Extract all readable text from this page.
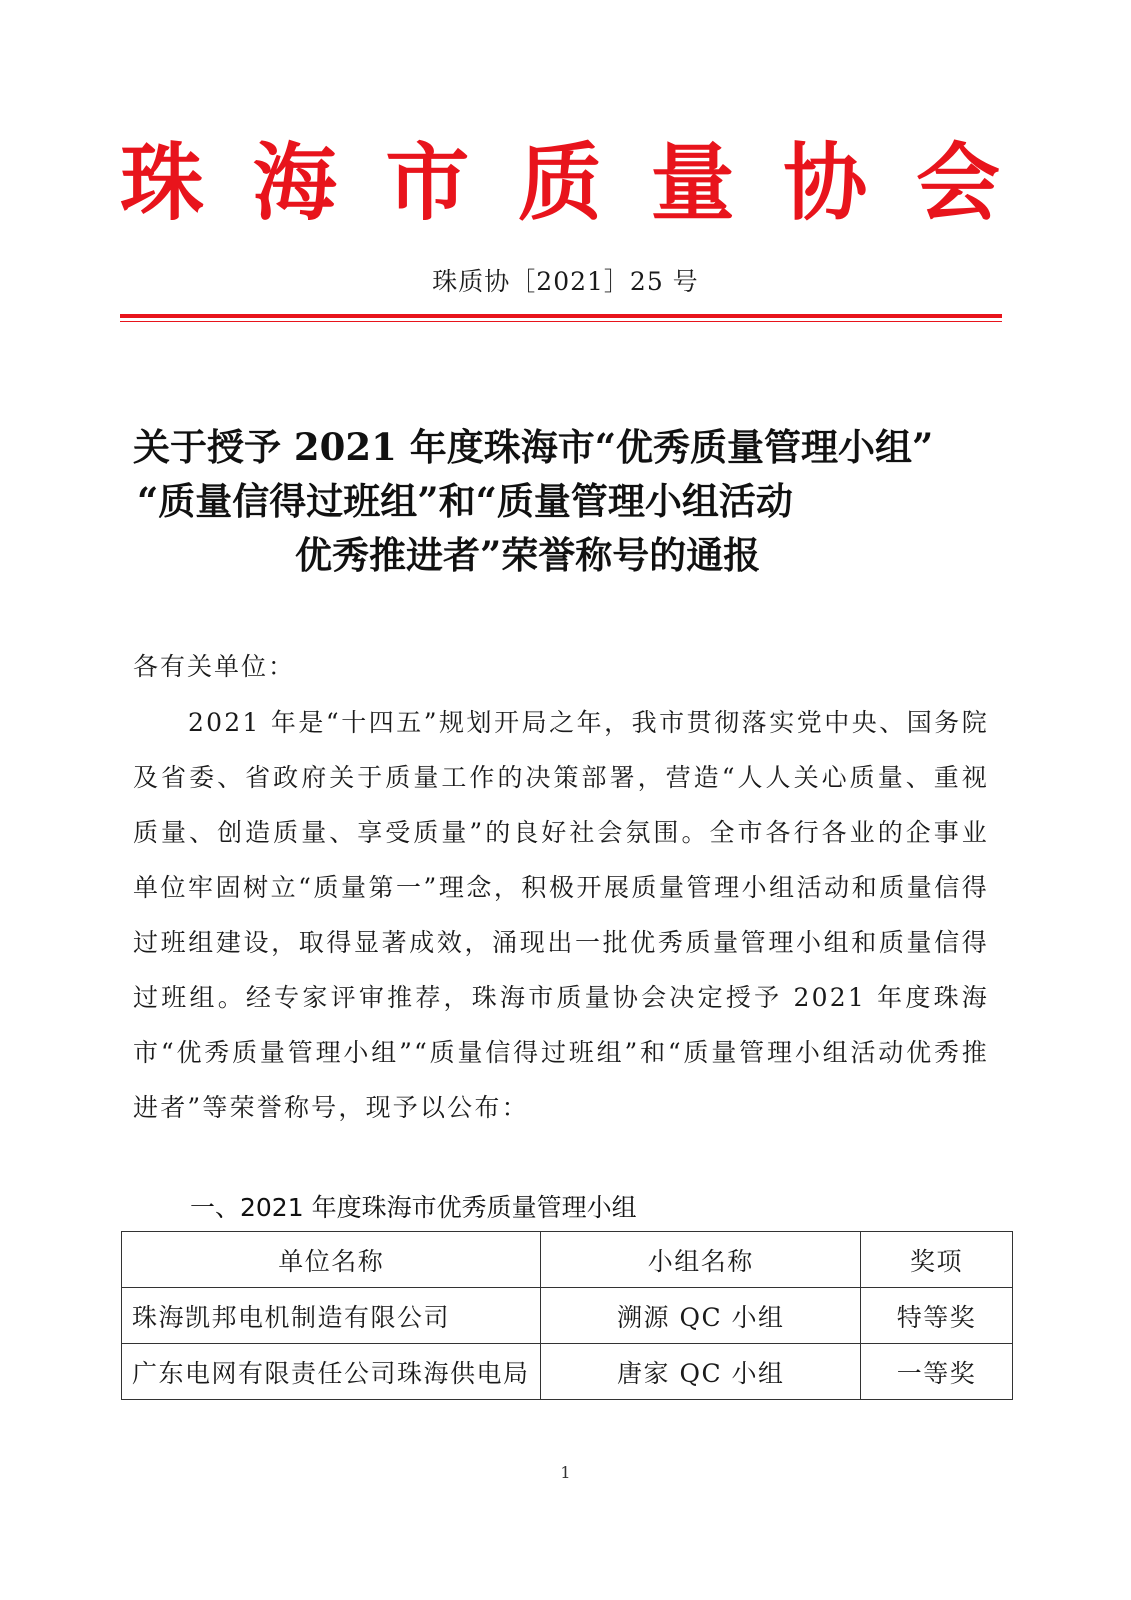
珠 海 市 质 量 协 会
珠质协［2021］25 号
关于授予 2021 年度珠海市“优秀质量管理小组”
“质量信得过班组”和“质量管理小组活动
优秀推进者”荣誉称号的通报
各有关单位：
2021 年是“十四五”规划开局之年，我市贯彻落实党中央、国务院及省委、省政府关于质量工作的决策部署，营造“人人关心质量、重视质量、创造质量、享受质量”的良好社会氛围。全市各行各业的企事业单位牢固树立“质量第一”理念，积极开展质量管理小组活动和质量信得过班组建设，取得显著成效，涌现出一批优秀质量管理小组和质量信得过班组。经专家评审推荐，珠海市质量协会决定授予 2021 年度珠海市“优秀质量管理小组”“质量信得过班组”和“质量管理小组活动优秀推进者”等荣誉称号，现予以公布：
一、2021 年度珠海市优秀质量管理小组
单位名称	小组名称	奖项
珠海凯邦电机制造有限公司	溯源 QC 小组	特等奖
广东电网有限责任公司珠海供电局	唐家 QC 小组	一等奖
1
